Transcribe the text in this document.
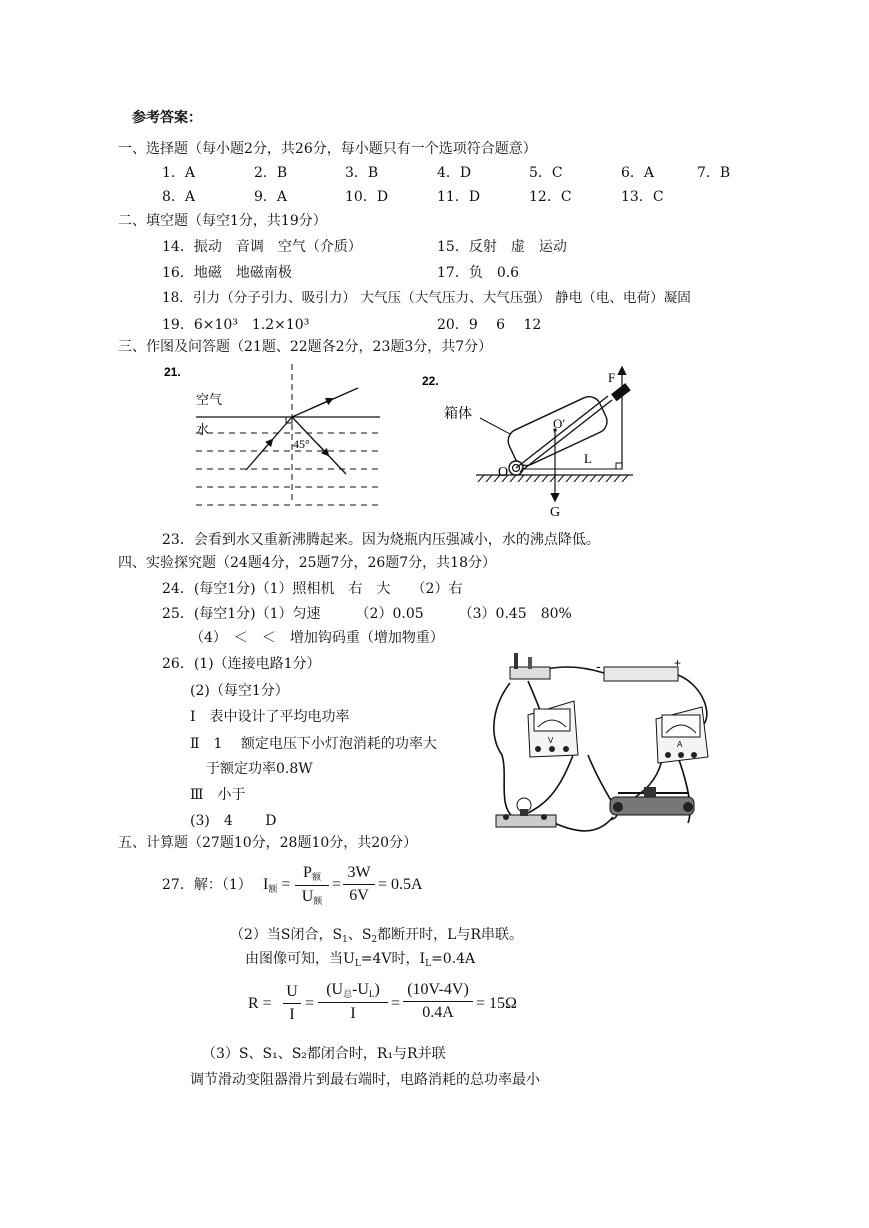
参考答案：
一、选择题（每小题2分，共26分，每小题只有一个选项符合题意）
1．A	2．B	3．B	4．D	5．C	6．A	7．B
8．A	9．A	10．D	11．D	12．C	13．C
二、填空题（每空1分，共19分）
14．振动　音调　空气（介质）	15．反射　虚　运动
16．地磁　地磁南极	17．负　0.6
18．引力（分子引力、吸引力） 大气压（大气压力、大气压强） 静电（电、电荷）凝固
19．6×10³　1.2×10³	20．9　 6　 12
三、作图及问答题（21题、22题各2分，23题3分，共7分）
21.
空气
水
45°
22.
箱体
O′
O
F
L
G
23．会看到水又重新沸腾起来。因为烧瓶内压强减小，水的沸点降低。
四、实验探究题（24题4分，25题7分，26题7分，共18分）
24．(每空1分)（1）照相机　右　大　　（2）右
25．(每空1分)（1）匀速　　　（2）0.05　　　（3）0.45　80%
（4）　＜　＜　增加钩码重（增加物重）
26．(1)（连接电路1分）
(2)（每空1分）
Ⅰ　表中设计了平均电功率
Ⅱ　1　 额定电压下小灯泡消耗的功率大
于额定功率0.8W
Ⅲ　小于
(3)　4　　 D
-	+
V	A
五、计算题（27题10分，28题10分，共20分）
27．解：（1） $I_额$ =
$P_额$
$U_额$
=
3W
6V
= 0.5A
（2）当S闭合，$S_1$、$S_2$都断开时，L与R串联。
由图像可知，当$U_L=4V$时，$I_L=0.4A$
R =
U
I
=
$(U_总-U_L)$
I
=
(10V-4V)
0.4A
= 15Ω
（3）S、S₁、S₂都闭合时，R₁与R并联
调节滑动变阻器滑片到最右端时，电路消耗的总功率最小
